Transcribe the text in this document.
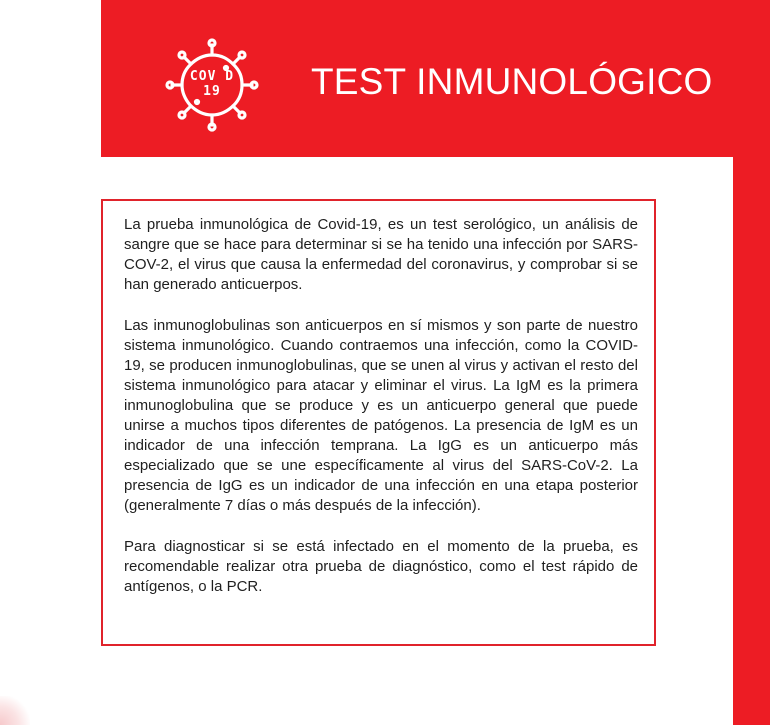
COV D
19	TEST INMUNOLÓGICO

La prueba inmunológica de Covid-19, es un test serológico, un análisis de sangre que se hace para determinar si se ha tenido una infección por SARS-COV-2, el virus que causa la enfermedad del coronavirus, y comprobar si se han generado anticuerpos.

Las inmunoglobulinas son anticuerpos en sí mismos y son parte de nuestro sistema inmunológico. Cuando contraemos una infección, como la COVID-19, se producen inmunoglobulinas, que se unen al virus y activan el resto del sistema inmunológico para atacar y eliminar el virus. La IgM es la primera inmunoglobulina que se produce y es un anticuerpo general que puede unirse a muchos tipos diferentes de patógenos. La presencia de IgM es un indicador de una infección temprana. La IgG es un anticuerpo más especializado que se une específicamente al virus del SARS-CoV-2. La presencia de IgG es un indicador de una infección en una etapa posterior (generalmente 7 días o más después de la infección).

Para diagnosticar si se está infectado en el momento de la prueba, es recomendable realizar otra prueba de diagnóstico, como el test rápido de antígenos, o la PCR.
